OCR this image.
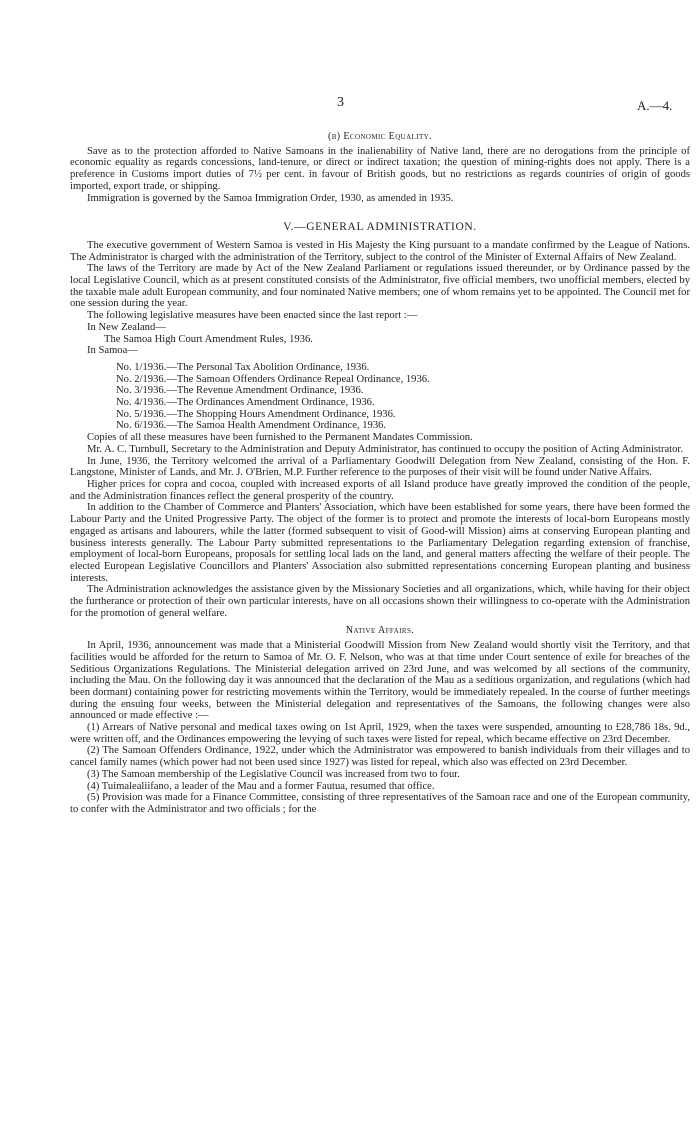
3	A.—4.

(b) Economic Equality.

Save as to the protection afforded to Native Samoans in the inalienability of Native land, there are no derogations from the principle of economic equality as regards concessions, land-tenure, or direct or indirect taxation; the question of mining-rights does not apply. There is a preference in Customs import duties of 7½ per cent. in favour of British goods, but no restrictions as regards countries of origin of goods imported, export trade, or shipping.

Immigration is governed by the Samoa Immigration Order, 1930, as amended in 1935.

V.—GENERAL ADMINISTRATION.

The executive government of Western Samoa is vested in His Majesty the King pursuant to a mandate confirmed by the League of Nations. The Administrator is charged with the administration of the Territory, subject to the control of the Minister of External Affairs of New Zealand.

The laws of the Territory are made by Act of the New Zealand Parliament or regulations issued thereunder, or by Ordinance passed by the local Legislative Council, which as at present constituted consists of the Administrator, five official members, two unofficial members, elected by the taxable male adult European community, and four nominated Native members; one of whom remains yet to be appointed. The Council met for one session during the year.

The following legislative measures have been enacted since the last report :—

In New Zealand—

The Samoa High Court Amendment Rules, 1936.

In Samoa—

No. 1/1936.—The Personal Tax Abolition Ordinance, 1936.

No. 2/1936.—The Samoan Offenders Ordinance Repeal Ordinance, 1936.

No. 3/1936.—The Revenue Amendment Ordinance, 1936.

No. 4/1936.—The Ordinances Amendment Ordinance, 1936.

No. 5/1936.—The Shopping Hours Amendment Ordinance, 1936.

No. 6/1936.—The Samoa Health Amendment Ordinance, 1936.

Copies of all these measures have been furnished to the Permanent Mandates Commission.

Mr. A. C. Turnbull, Secretary to the Administration and Deputy Administrator, has continued to occupy the position of Acting Administrator.

In June, 1936, the Territory welcomed the arrival of a Parliamentary Goodwill Delegation from New Zealand, consisting of the Hon. F. Langstone, Minister of Lands, and Mr. J. O'Brien, M.P. Further reference to the purposes of their visit will be found under Native Affairs.

Higher prices for copra and cocoa, coupled with increased exports of all Island produce have greatly improved the condition of the people, and the Administration finances reflect the general prosperity of the country.

In addition to the Chamber of Commerce and Planters' Association, which have been established for some years, there have been formed the Labour Party and the United Progressive Party. The object of the former is to protect and promote the interests of local-born Europeans mostly engaged as artisans and labourers, while the latter (formed subsequent to visit of Good-will Mission) aims at conserving European planting and business interests generally. The Labour Party submitted representations to the Parliamentary Delegation regarding extension of franchise, employment of local-born Europeans, proposals for settling local lads on the land, and general matters affecting the welfare of their people. The elected European Legislative Councillors and Planters' Association also submitted representations concerning European planting and business interests.

The Administration acknowledges the assistance given by the Missionary Societies and all organizations, which, while having for their object the furtherance or protection of their own particular interests, have on all occasions shown their willingness to co-operate with the Administration for the promotion of general welfare.

Native Affairs.

In April, 1936, announcement was made that a Ministerial Goodwill Mission from New Zealand would shortly visit the Territory, and that facilities would be afforded for the return to Samoa of Mr. O. F. Nelson, who was at that time under Court sentence of exile for breaches of the Seditious Organizations Regulations. The Ministerial delegation arrived on 23rd June, and was welcomed by all sections of the community, including the Mau. On the following day it was announced that the declaration of the Mau as a seditious organization, and regulations (which had been dormant) containing power for restricting movements within the Territory, would be immediately repealed. In the course of further meetings during the ensuing four weeks, between the Ministerial delegation and representatives of the Samoans, the following changes were also announced or made effective :—

(1) Arrears of Native personal and medical taxes owing on 1st April, 1929, when the taxes were suspended, amounting to £28,786 18s. 9d., were written off, and the Ordinances empowering the levying of such taxes were listed for repeal, which became effective on 23rd December.

(2) The Samoan Offenders Ordinance, 1922, under which the Administrator was empowered to banish individuals from their villages and to cancel family names (which power had not been used since 1927) was listed for repeal, which also was effected on 23rd December.

(3) The Samoan membership of the Legislative Council was increased from two to four.

(4) Tuimalealiifano, a leader of the Mau and a former Fautua, resumed that office.

(5) Provision was made for a Finance Committee, consisting of three representatives of the Samoan race and one of the European community, to confer with the Administrator and two officials ; for the
